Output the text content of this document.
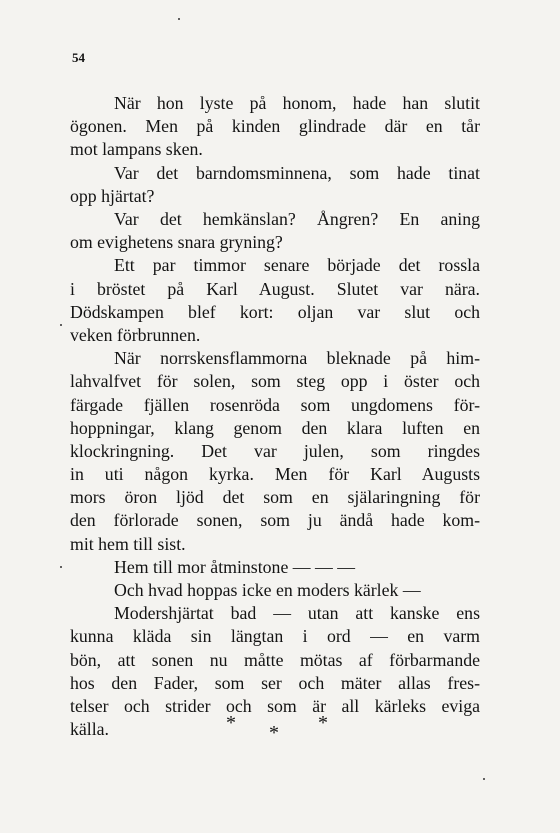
54
När hon lyste på honom, hade han slutit
ögonen. Men på kinden glindrade där en tår
mot lampans sken.
Var det barndomsminnena, som hade tinat
opp hjärtat?
Var det hemkänslan? Ångren? En aning
om evighetens snara gryning?
Ett par timmor senare började det rossla
i bröstet på Karl August. Slutet var nära.
Dödskampen blef kort: oljan var slut och
veken förbrunnen.
När norrskensflammorna bleknade på him-
lahvalfvet för solen, som steg opp i öster och
färgade fjällen rosenröda som ungdomens för-
hoppningar, klang genom den klara luften en
klockringning. Det var julen, som ringdes
in uti någon kyrka. Men för Karl Augusts
mors öron ljöd det som en själaringning för
den förlorade sonen, som ju ändå hade kom-
mit hem till sist.
Hem till mor åtminstone — — —
Och hvad hoppas icke en moders kärlek —
Modershjärtat bad — utan att kanske ens
kunna kläda sin längtan i ord — en varm
bön, att sonen nu måtte mötas af förbarmande
hos den Fader, som ser och mäter allas fres-
telser och strider och som är all kärleks eviga
källa.	* * *
